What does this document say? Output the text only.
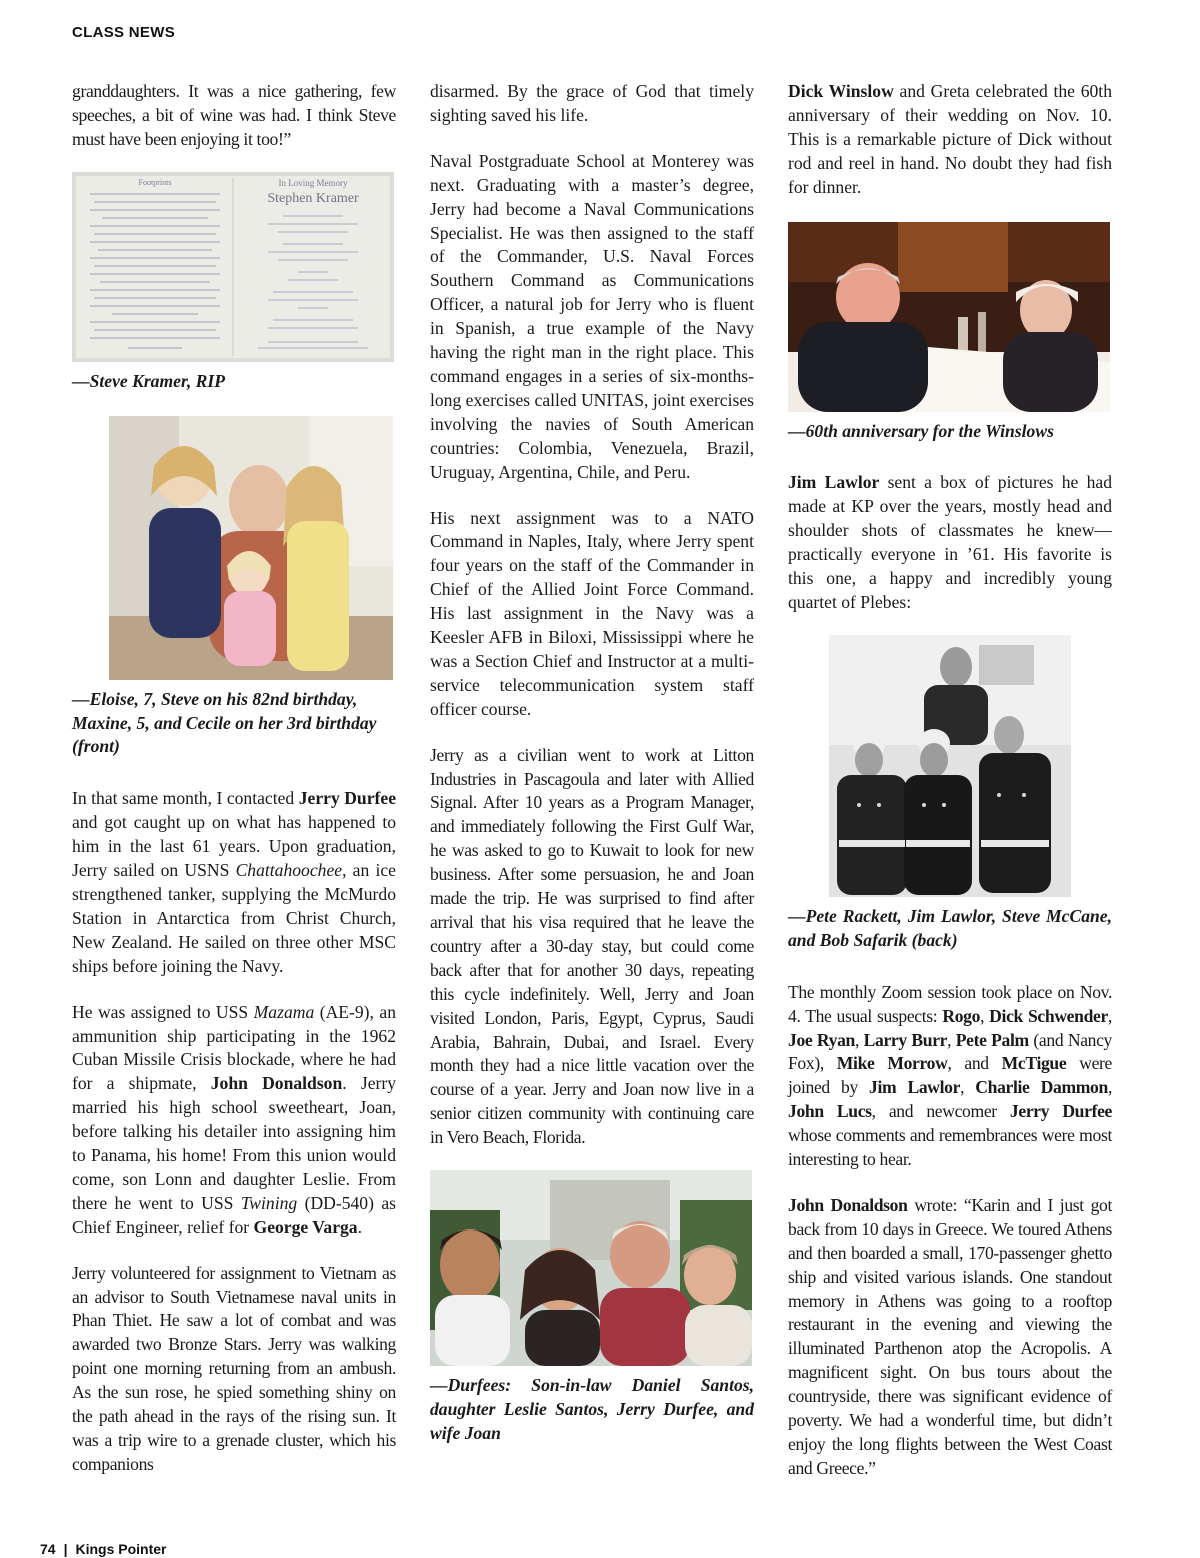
CLASS NEWS

granddaughters. It was a nice gathering, few speeches, a bit of wine was had. I think Steve must have been enjoying it too!”

Footprints	In Loving Memory
Stephen Kramer
—Steve Kramer, RIP
—Eloise, 7, Steve on his 82nd birthday, Maxine, 5, and Cecile on her 3rd birthday (front)

In that same month, I contacted Jerry Durfee and got caught up on what has happened to him in the last 61 years. Upon graduation, Jerry sailed on USNS Chattahoochee, an ice strengthened tanker, supplying the McMurdo Station in Antarctica from Christ Church, New Zealand. He sailed on three other MSC ships before joining the Navy.

He was assigned to USS Mazama (AE-9), an ammunition ship participating in the 1962 Cuban Missile Crisis blockade, where he had for a shipmate, John Donaldson. Jerry married his high school sweetheart, Joan, before talking his detailer into assigning him to Panama, his home! From this union would come, son Lonn and daughter Leslie. From there he went to USS Twining (DD-540) as Chief Engineer, relief for George Varga.

Jerry volunteered for assignment to Vietnam as an advisor to South Vietnamese naval units in Phan Thiet. He saw a lot of combat and was awarded two Bronze Stars. Jerry was walking point one morning returning from an ambush. As the sun rose, he spied something shiny on the path ahead in the rays of the rising sun. It was a trip wire to a grenade cluster, which his companions

disarmed. By the grace of God that timely sighting saved his life.

Naval Postgraduate School at Monterey was next. Graduating with a master’s degree, Jerry had become a Naval Communications Specialist. He was then assigned to the staff of the Commander, U.S. Naval Forces Southern Command as Communications Officer, a natural job for Jerry who is fluent in Spanish, a true example of the Navy having the right man in the right place. This command engages in a series of six-months-long exercises called UNITAS, joint exercises involving the navies of South American countries: Colombia, Venezuela, Brazil, Uruguay, Argentina, Chile, and Peru.

His next assignment was to a NATO Command in Naples, Italy, where Jerry spent four years on the staff of the Commander in Chief of the Allied Joint Force Command. His last assignment in the Navy was a Keesler AFB in Biloxi, Mississippi where he was a Section Chief and Instructor at a multi-service telecommunication system staff officer course.

Jerry as a civilian went to work at Litton Industries in Pascagoula and later with Allied Signal. After 10 years as a Program Manager, and immediately following the First Gulf War, he was asked to go to Kuwait to look for new business. After some persuasion, he and Joan made the trip. He was surprised to find after arrival that his visa required that he leave the country after a 30-day stay, but could come back after that for another 30 days, repeating this cycle indefinitely. Well, Jerry and Joan visited London, Paris, Egypt, Cyprus, Saudi Arabia, Bahrain, Dubai, and Israel. Every month they had a nice little vacation over the course of a year. Jerry and Joan now live in a senior citizen community with continuing care in Vero Beach, Florida.

—Durfees: Son-in-law Daniel Santos, daughter Leslie Santos, Jerry Durfee, and wife Joan

Dick Winslow and Greta celebrated the 60th anniversary of their wedding on Nov. 10. This is a remarkable picture of Dick without rod and reel in hand. No doubt they had fish for dinner.

—60th anniversary for the Winslows

Jim Lawlor sent a box of pictures he had made at KP over the years, mostly head and shoulder shots of classmates he knew—practically everyone in ’61. His favorite is this one, a happy and incredibly young quartet of Plebes:

—Pete Rackett, Jim Lawlor, Steve McCane, and Bob Safarik (back)

The monthly Zoom session took place on Nov. 4. The usual suspects: Rogo, Dick Schwender, Joe Ryan, Larry Burr, Pete Palm (and Nancy Fox), Mike Morrow, and McTigue were joined by Jim Lawlor, Charlie Dammon, John Lucs, and newcomer Jerry Durfee whose comments and remembrances were most interesting to hear.

John Donaldson wrote: “Karin and I just got back from 10 days in Greece. We toured Athens and then boarded a small, 170-passenger ghetto ship and visited various islands. One standout memory in Athens was going to a rooftop restaurant in the evening and viewing the illuminated Parthenon atop the Acropolis. A magnificent sight. On bus tours about the countryside, there was significant evidence of poverty. We had a wonderful time, but didn’t enjoy the long flights between the West Coast and Greece.”

74 | Kings Pointer
